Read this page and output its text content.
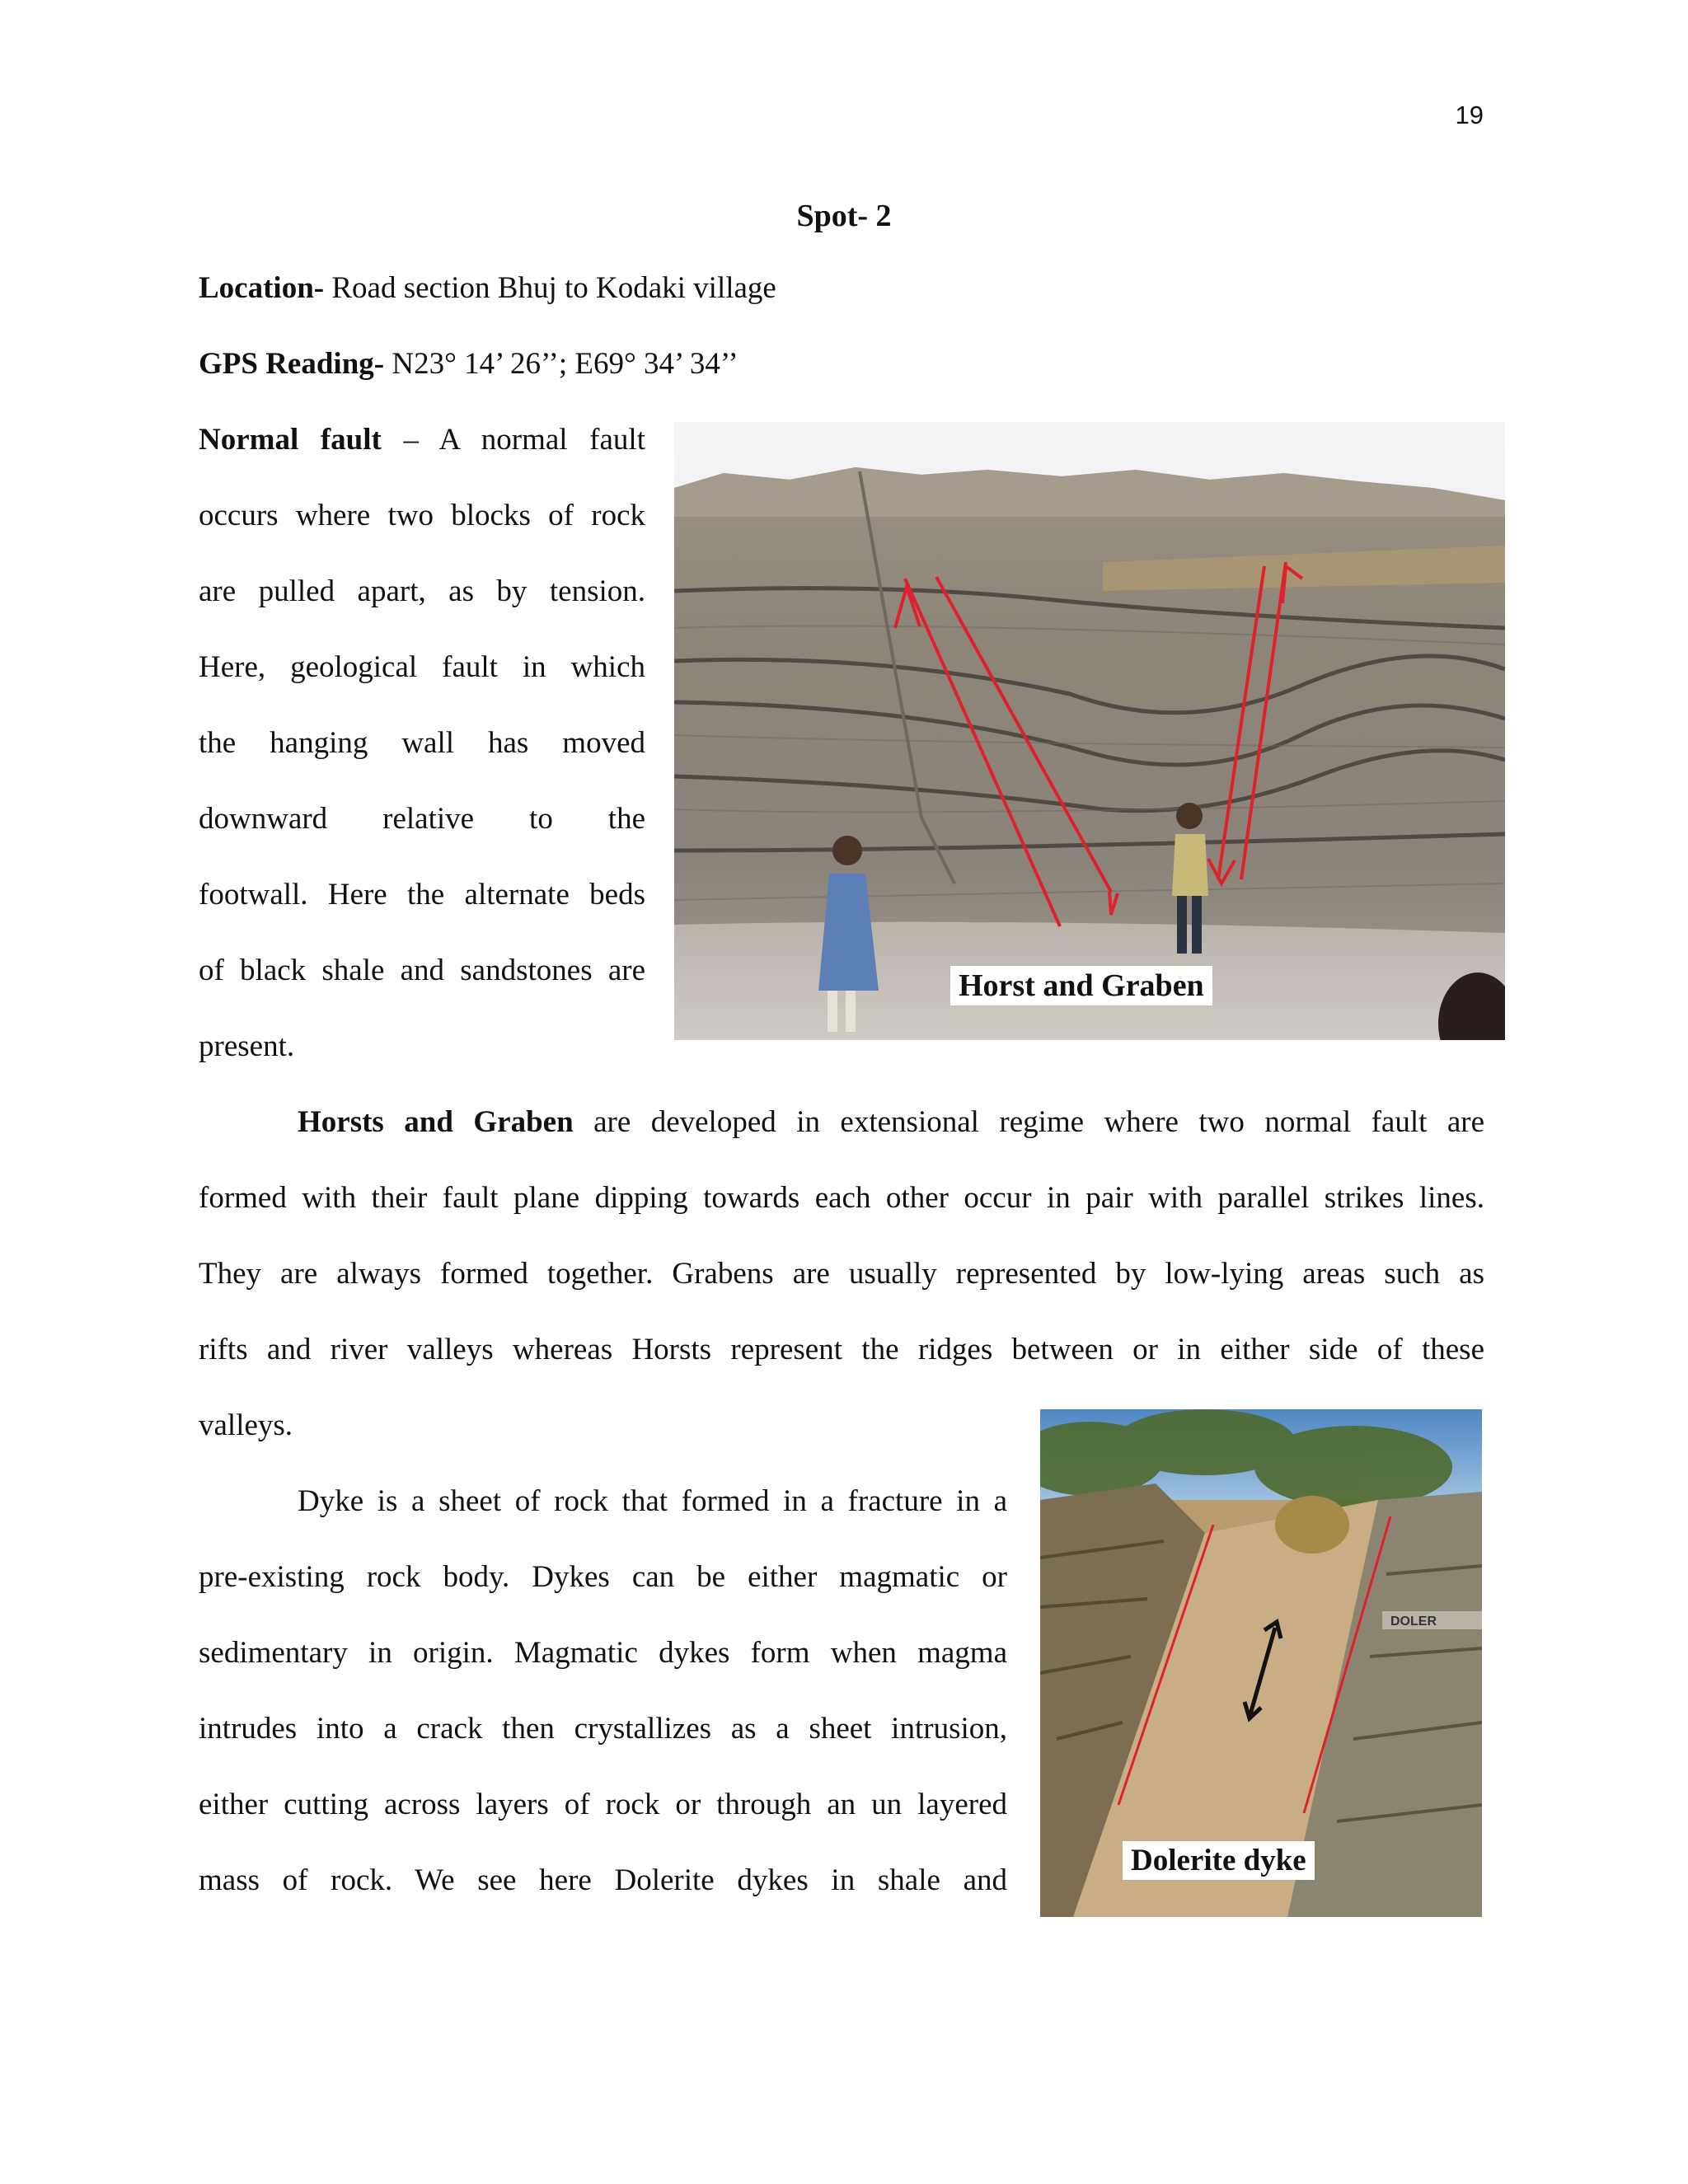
19
Spot- 2
Location- Road section Bhuj to Kodaki village
GPS Reading- N23° 14’ 26’’; E69° 34’ 34’’
Normal fault – A normal fault
occurs where two blocks of rock
are pulled apart, as by tension.
Here, geological fault in which
the hanging wall has moved
downward relative to the
footwall. Here the alternate beds
of black shale and sandstones are
present.
Horst and Graben
Horsts and Graben are developed in extensional regime where two normal fault are
formed with their fault plane dipping towards each other occur in pair with parallel strikes lines.
They are always formed together. Grabens are usually represented by low-lying areas such as
rifts and river valleys whereas Horsts represent the ridges between or in either side of these
valleys.
DOLER
Dolerite dyke
Dyke is a sheet of rock that formed in a fracture in a
pre-existing rock body. Dykes can be either magmatic or
sedimentary in origin. Magmatic dykes form when magma
intrudes into a crack then crystallizes as a sheet intrusion,
either cutting across layers of rock or through an un layered
mass of rock. We see here Dolerite dykes in shale and
